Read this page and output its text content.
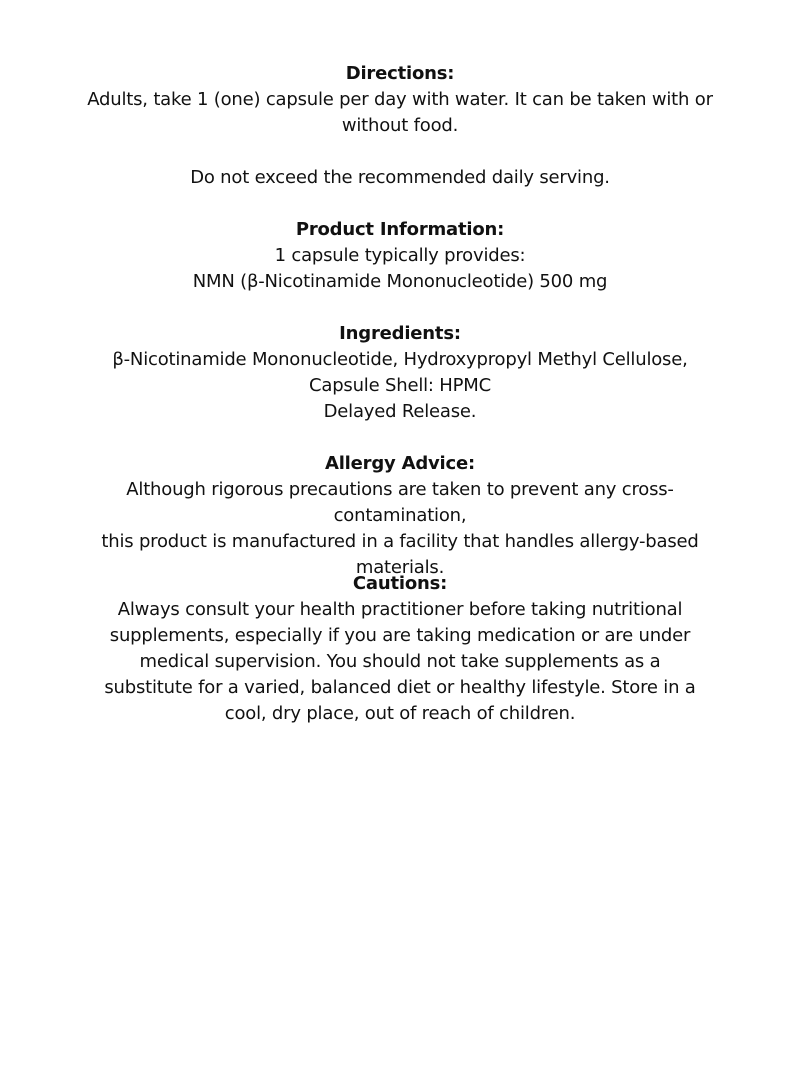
Directions:
Adults, take 1 (one) capsule per day with water. It can be taken with or
without food.

Do not exceed the recommended daily serving.
Product Information:
1 capsule typically provides:
NMN (β-Nicotinamide Mononucleotide) 500 mg
Ingredients:
β-Nicotinamide Mononucleotide, Hydroxypropyl Methyl Cellulose,
Capsule Shell: HPMC
Delayed Release.
Allergy Advice:
Although rigorous precautions are taken to prevent any cross-
contamination,
this product is manufactured in a facility that handles allergy-based
materials.
Cautions:
Always consult your health practitioner before taking nutritional
supplements, especially if you are taking medication or are under
medical supervision. You should not take supplements as a
substitute for a varied, balanced diet or healthy lifestyle. Store in a
cool, dry place, out of reach of children.
